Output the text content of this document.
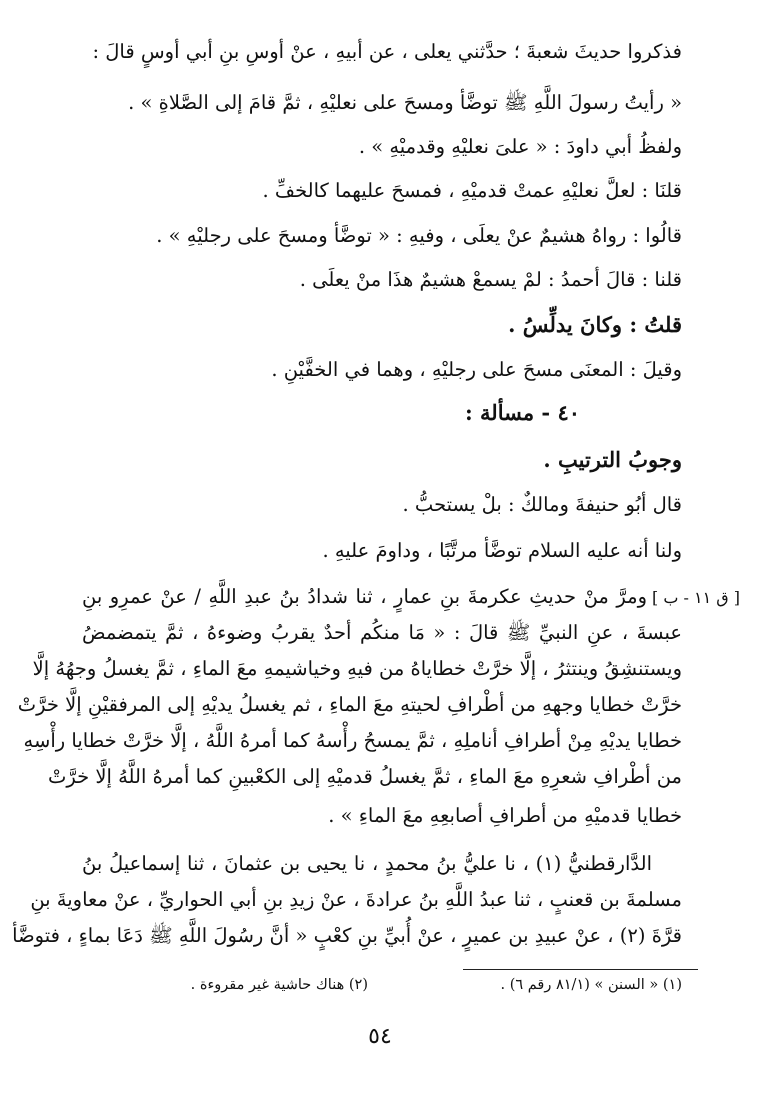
فذكروا حديثَ شعبةَ ؛ حدَّثني يعلى ، عن أبيهِ ، عنْ أوسِ بنِ أبي أوسٍ قالَ :
« رأيتُ رسولَ اللَّهِ ﷺ توضَّأ ومسحَ على نعليْهِ ، ثمَّ قامَ إلى الصَّلاةِ » .
ولفظُ أبي داودَ : « علىَ نعليْهِ وقدميْهِ » .
قلنَا : لعلَّ نعليْهِ عمتْ قدميْهِ ، فمسحَ عليهما كالخفِّ .
قالُوا : رواهُ هشيمٌ عنْ يعلَى ، وفيهِ : « توضَّأ ومسحَ على رجليْهِ » .
قلنا : قالَ أحمدُ : لمْ يسمعْ هشيمٌ هذَا منْ يعلَى .
قلتُ : وكانَ يدلِّسُ .
وقيلَ : المعنَى مسحَ على رجليْهِ ، وهما في الخفَّيْنِ .
٤٠ - مسألة :
وجوبُ الترتيبِ .
قال أبُو حنيفةَ ومالكٌ : بلْ يستحبُّ .
ولنا أنه عليه السلام توضَّأ مرتَّبًا ، وداومَ عليهِ .
ومرَّ منْ حديثِ عكرمةَ بنِ عمارٍ ، ثنا شدادُ بنُ عبدِ اللَّهِ / عنْ عمرِو بنِ [ ق ١١ - ب ]
عبسةَ ، عنِ النبيِّ ﷺ قالَ : « مَا منكُم أحدٌ يقربُ وضوءهُ ، ثمَّ يتمضمضُ
ويستنشِقُ وينتثرُ ، إلَّا خرَّتْ خطاياهُ من فيهِ وخياشيمهِ معَ الماءِ ، ثمَّ يغسلُ وجهُهُ إلَّا
خرَّتْ خطايا وجههِ من أطْرافِ لحيتهِ معَ الماءِ ، ثم يغسلُ يديْهِ إلى المرفقيْنِ إلَّا خرَّتْ
خطايا يديْهِ مِنْ أطرافِ أناملِهِ ، ثمَّ يمسحُ رأْسهُ كما أمرهُ اللَّهُ ، إلَّا خرَّتْ خطايا رأْسِهِ
من أطْرافِ شعرِهِ معَ الماءِ ، ثمَّ يغسلُ قدميْهِ إلى الكعْبينِ كما أمرهُ اللَّهُ إلَّا خرَّتْ
خطايا قدميْهِ من أطرافِ أصابعِهِ معَ الماءِ » .
الدَّارقطنيُّ (١) ، نا عليُّ بنُ محمدٍ ، نا يحيى بن عثمانَ ، ثنا إسماعيلُ بنُ
مسلمةَ بن قعنبٍ ، ثنا عبدُ اللَّهِ بنُ عرادةَ ، عنْ زيدِ بنِ أبي الحواريِّ ، عنْ معاويةَ بنِ
قرَّةَ (٢) ، عنْ عبيدِ بن عميرٍ ، عنْ أُبيِّ بنِ كعْبٍ « أنَّ رسُولَ اللَّهِ ﷺ دَعَا بماءٍ ، فتوضَّأ
(١) « السنن » (٨١/١ رقم ٦) .
(٢) هناك حاشية غير مقروءة .
٥٤
